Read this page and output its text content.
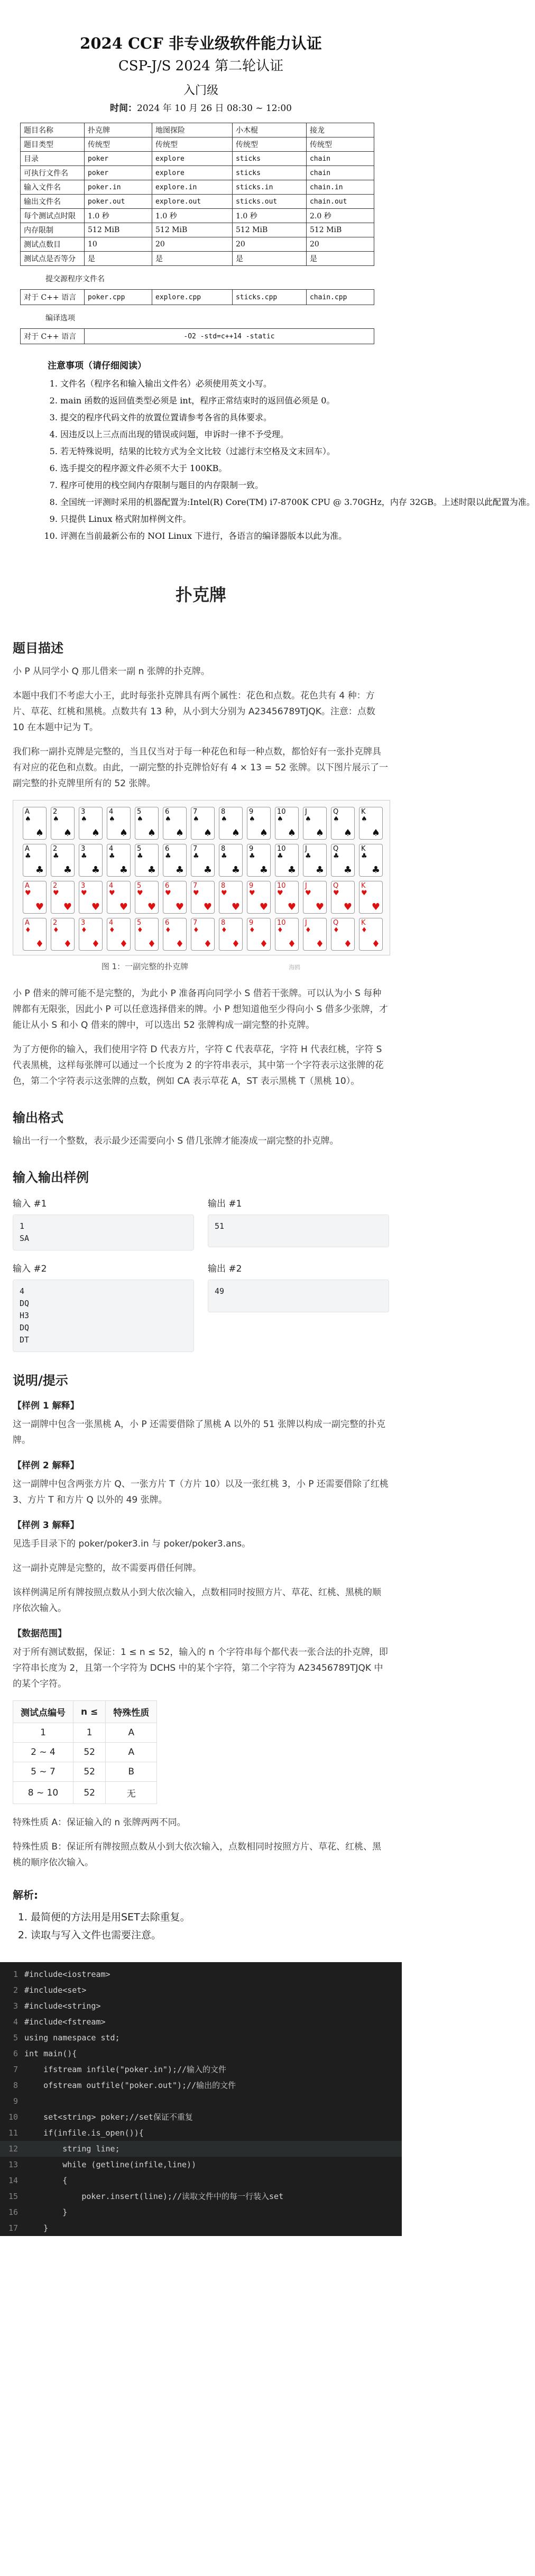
2024 CCF 非专业级软件能力认证
CSP-J/S 2024 第二轮认证
入门级
时间：2024 年 10 月 26 日 08:30 ~ 12:00
题目名称	扑克牌	地图探险	小木棍	接龙
题目类型	传统型	传统型	传统型	传统型
目录	poker	explore	sticks	chain
可执行文件名	poker	explore	sticks	chain
输入文件名	poker.in	explore.in	sticks.in	chain.in
输出文件名	poker.out	explore.out	sticks.out	chain.out
每个测试点时限	1.0 秒	1.0 秒	1.0 秒	2.0 秒
内存限制	512 MiB	512 MiB	512 MiB	512 MiB
测试点数目	10	20	20	20
测试点是否等分	是	是	是	是
提交源程序文件名
对于 C++ 语言	poker.cpp	explore.cpp	sticks.cpp	chain.cpp
编译选项
对于 C++ 语言	-O2 -std=c++14 -static
注意事项（请仔细阅读）
1. 文件名（程序名和输入输出文件名）必须使用英文小写。
2. main 函数的返回值类型必须是 int，程序正常结束时的返回值必须是 0。
3. 提交的程序代码文件的放置位置请参考各省的具体要求。
4. 因违反以上三点而出现的错误或问题，申诉时一律不予受理。
5. 若无特殊说明，结果的比较方式为全文比较（过滤行末空格及文末回车）。
6. 选手提交的程序源文件必须不大于 100KB。
7. 程序可使用的栈空间内存限制与题目的内存限制一致。
8. 全国统一评测时采用的机器配置为:Intel(R) Core(TM) i7-8700K CPU @ 3.70GHz，内存 32GB。上述时限以此配置为准。
9. 只提供 Linux 格式附加样例文件。
10. 评测在当前最新公布的 NOI Linux 下进行，各语言的编译器版本以此为准。
扑克牌
题目描述

小 P 从同学小 Q 那儿借来一副 n 张牌的扑克牌。

本题中我们不考虑大小王，此时每张扑克牌具有两个属性：花色和点数。花色共有 4 种：方片、草花、红桃和黑桃。点数共有 13 种，从小到大分别为 A23456789TJQK。注意：点数 10 在本题中记为 T。

我们称一副扑克牌是完整的，当且仅当对于每一种花色和每一种点数，都恰好有一张扑克牌具有对应的花色和点数。由此，一副完整的扑克牌恰好有 4 × 13 = 52 张牌。以下图片展示了一副完整的扑克牌里所有的 52 张牌。

A
♠
♠
2
♠
♠
3
♠
♠
4
♠
♠
5
♠
♠
6
♠
♠
7
♠
♠
8
♠
♠
9
♠
♠
10
♠
♠
J
♠
♠
Q
♠
♠
K
♠
♠
A
♣
♣
2
♣
♣
3
♣
♣
4
♣
♣
5
♣
♣
6
♣
♣
7
♣
♣
8
♣
♣
9
♣
♣
10
♣
♣
J
♣
♣
Q
♣
♣
K
♣
♣
A
♥
♥
2
♥
♥
3
♥
♥
4
♥
♥
5
♥
♥
6
♥
♥
7
♥
♥
8
♥
♥
9
♥
♥
10
♥
♥
J
♥
♥
Q
♥
♥
K
♥
♥
A
♦
♦
2
♦
♦
3
♦
♦
4
♦
♦
5
♦
♦
6
♦
♦
7
♦
♦
8
♦
♦
9
♦
♦
10
♦
♦
J
♦
♦
Q
♦
♦
K
♦
♦
图 1：一副完整的扑克牌	海鸥

小 P 借来的牌可能不是完整的，为此小 P 准备再向同学小 S 借若干张牌。可以认为小 S 每种牌都有无限张，因此小 P 可以任意选择借来的牌。小 P 想知道他至少得向小 S 借多少张牌，才能让从小 S 和小 Q 借来的牌中，可以选出 52 张牌构成一副完整的扑克牌。

为了方便你的输入，我们使用字符 D 代表方片，字符 C 代表草花，字符 H 代表红桃，字符 S 代表黑桃，这样每张牌可以通过一个长度为 2 的字符串表示，其中第一个字符表示这张牌的花色，第二个字符表示这张牌的点数，例如 CA 表示草花 A，ST 表示黑桃 T（黑桃 10）。

输出格式

输出一行一个整数，表示最少还需要向小 S 借几张牌才能凑成一副完整的扑克牌。

输入输出样例
输入 #1
1
SA
输出 #1
51
输入 #2
4
DQ
H3
DQ
DT
输出 #2
49
说明/提示
【样例 1 解释】

这一副牌中包含一张黑桃 A，小 P 还需要借除了黑桃 A 以外的 51 张牌以构成一副完整的扑克牌。

【样例 2 解释】

这一副牌中包含两张方片 Q、一张方片 T（方片 10）以及一张红桃 3，小 P 还需要借除了红桃 3、方片 T 和方片 Q 以外的 49 张牌。

【样例 3 解释】

见选手目录下的 poker/poker3.in 与 poker/poker3.ans。

这一副扑克牌是完整的，故不需要再借任何牌。

该样例满足所有牌按照点数从小到大依次输入，点数相同时按照方片、草花、红桃、黑桃的顺序依次输入。

【数据范围】

对于所有测试数据，保证：1 ≤ n ≤ 52，输入的 n 个字符串每个都代表一张合法的扑克牌，即字符串长度为 2，且第一个字符为 DCHS 中的某个字符，第二个字符为 A23456789TJQK 中的某个字符。

测试点编号	n ≤	特殊性质
1	1	A
2 ~ 4	52	A
5 ~ 7	52	B
8 ~ 10	52	无

特殊性质 A：保证输入的 n 张牌两两不同。

特殊性质 B：保证所有牌按照点数从小到大依次输入，点数相同时按照方片、草花、红桃、黑桃的顺序依次输入。

解析:
1. 最简便的方法用是用SET去除重复。
2. 读取与写入文件也需要注意。
1 #include<iostream>
2 #include<set>
3 #include<string>
4 #include<fstream>
5 using namespace std;
6 int main(){
7 ifstream infile("poker.in");//输入的文件
8 ofstream outfile("poker.out");//输出的文件
9
10 set<string> poker;//set保证不重复
11 if(infile.is_open()){
12 string line;
13 while (getline(infile,line))
14 {
15 poker.insert(line);//读取文件中的每一行装入set
16 }
17 }
